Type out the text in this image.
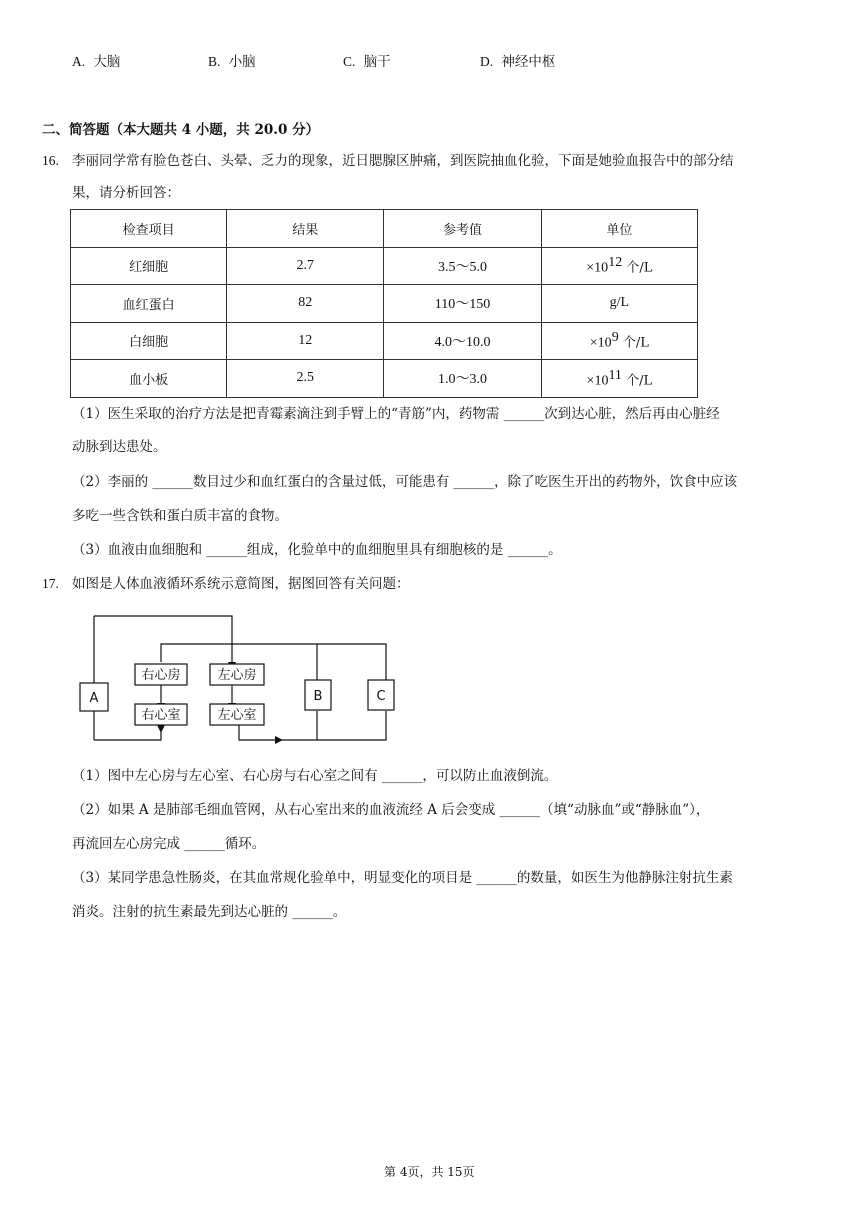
A. 大脑	B. 小脑	C. 脑干	D. 神经中枢
二、简答题（本大题共 4 小题，共 20.0 分）
16. 李丽同学常有脸色苍白、头晕、乏力的现象，近日腮腺区肿痛，到医院抽血化验，下面是她验血报告中的部分结
果，请分析回答：
检查项目	结果	参考值	单位
红细胞	2.7	3.5～5.0	$\times 10^{12}$ 个/L
血红蛋白	82	110～150	g/L
白细胞	12	4.0～10.0	$\times 10^9$ 个/L
血小板	2.5	1.0～3.0	$\times 10^{11}$ 个/L
（1）医生采取的治疗方法是把青霉素滴注到手臂上的“青筋”内，药物需 ______次到达心脏，然后再由心脏经
动脉到达患处。
（2）李丽的 ______数目过少和血红蛋白的含量过低，可能患有 ______，除了吃医生开出的药物外，饮食中应该
多吃一些含铁和蛋白质丰富的食物。
（3）血液由血细胞和 ______组成，化验单中的血细胞里具有细胞核的是 ______。
17. 如图是人体血液循环系统示意简图，据图回答有关问题：
A
右心房
右心室
左心房
左心室
B	C
（1）图中左心房与左心室、右心房与右心室之间有 ______，可以防止血液倒流。
（2）如果 A 是肺部毛细血管网，从右心室出来的血液流经 A 后会变成 ______（填“动脉血”或“静脉血”），
再流回左心房完成 ______循环。
（3）某同学患急性肠炎，在其血常规化验单中，明显变化的项目是 ______的数量，如医生为他静脉注射抗生素
消炎。注射的抗生素最先到达心脏的 ______。
第 4页，共 15页
